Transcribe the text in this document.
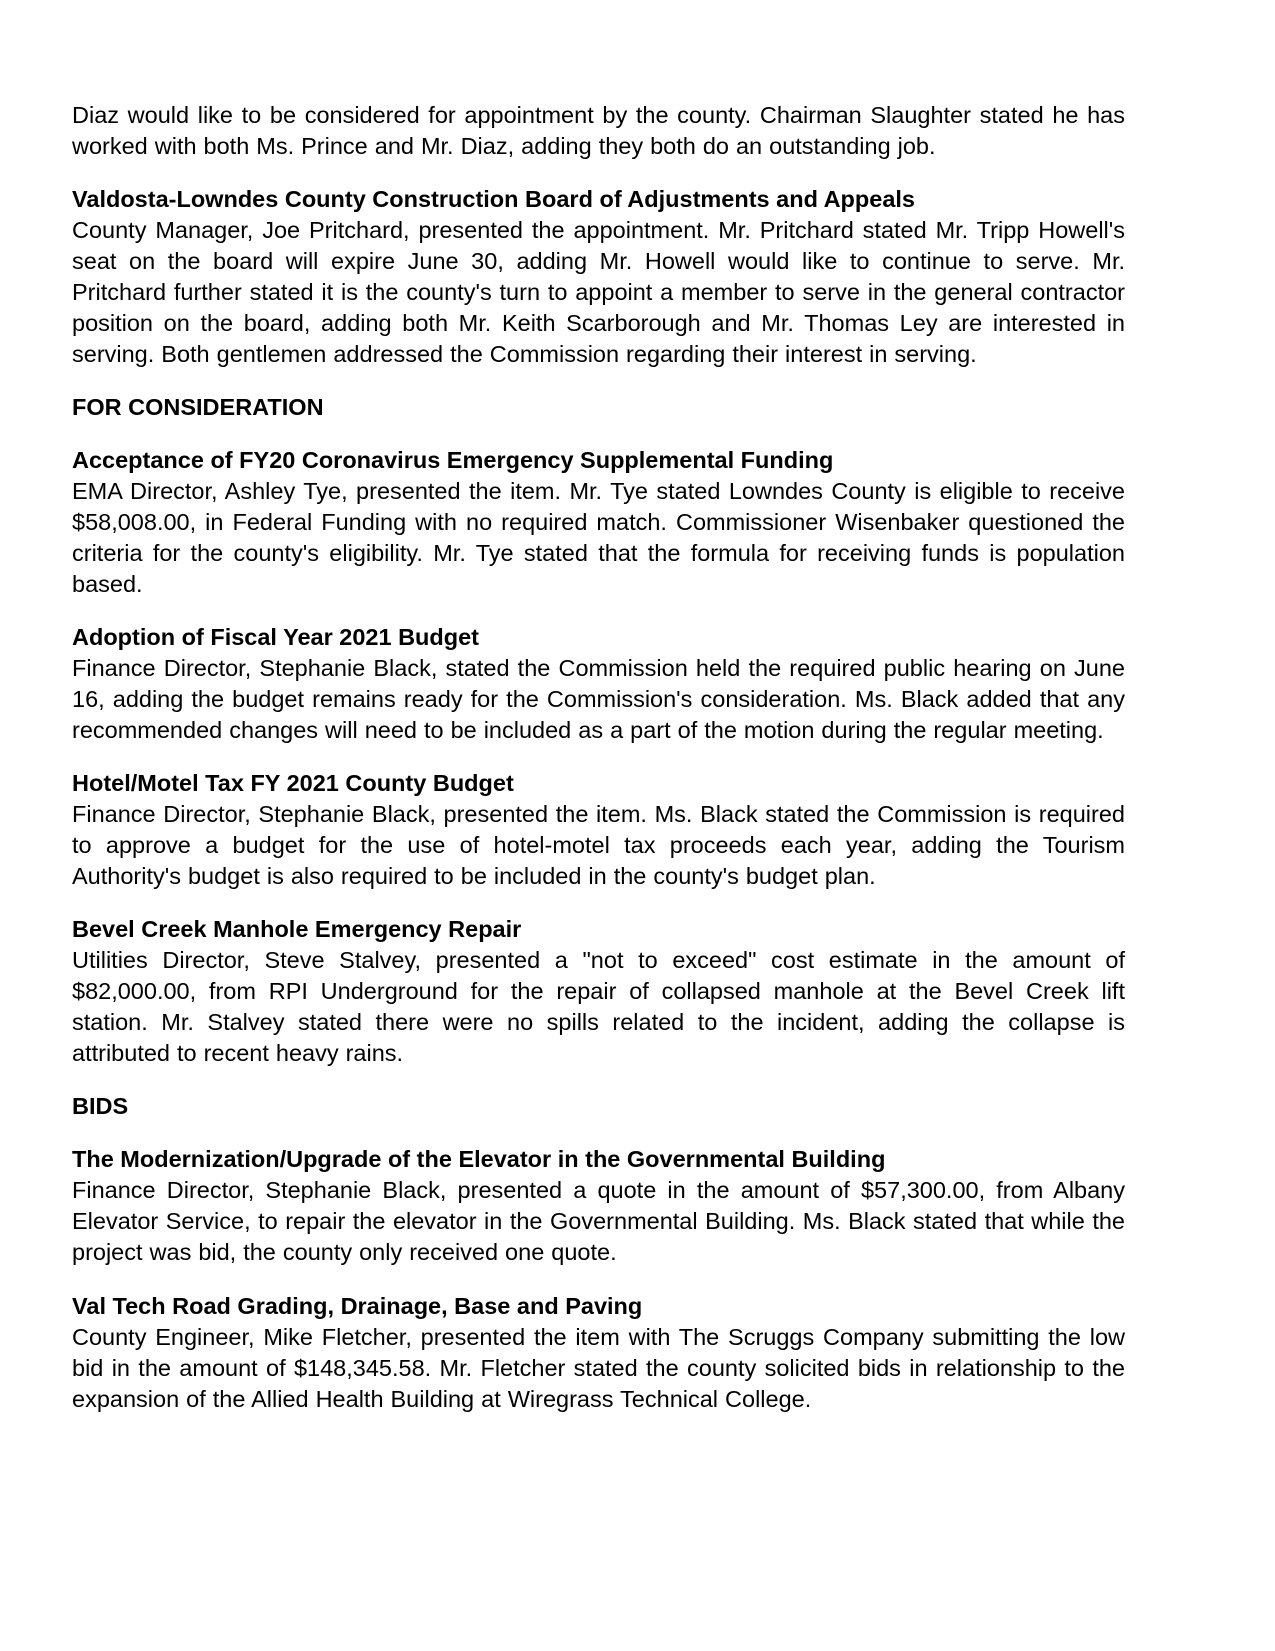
Diaz would like to be considered for appointment by the county. Chairman Slaughter stated he has worked with both Ms. Prince and Mr. Diaz, adding they both do an outstanding job.

Valdosta-Lowndes County Construction Board of Adjustments and Appeals

County Manager, Joe Pritchard, presented the appointment. Mr. Pritchard stated Mr. Tripp Howell's seat on the board will expire June 30, adding Mr. Howell would like to continue to serve. Mr. Pritchard further stated it is the county's turn to appoint a member to serve in the general contractor position on the board, adding both Mr. Keith Scarborough and Mr. Thomas Ley are interested in serving. Both gentlemen addressed the Commission regarding their interest in serving.

FOR CONSIDERATION
Acceptance of FY20 Coronavirus Emergency Supplemental Funding

EMA Director, Ashley Tye, presented the item. Mr. Tye stated Lowndes County is eligible to receive $58,008.00, in Federal Funding with no required match. Commissioner Wisenbaker questioned the criteria for the county's eligibility. Mr. Tye stated that the formula for receiving funds is population based.

Adoption of Fiscal Year 2021 Budget

Finance Director, Stephanie Black, stated the Commission held the required public hearing on June 16, adding the budget remains ready for the Commission's consideration. Ms. Black added that any recommended changes will need to be included as a part of the motion during the regular meeting.

Hotel/Motel Tax FY 2021 County Budget

Finance Director, Stephanie Black, presented the item. Ms. Black stated the Commission is required to approve a budget for the use of hotel-motel tax proceeds each year, adding the Tourism Authority's budget is also required to be included in the county's budget plan.

Bevel Creek Manhole Emergency Repair

Utilities Director, Steve Stalvey, presented a "not to exceed" cost estimate in the amount of $82,000.00, from RPI Underground for the repair of collapsed manhole at the Bevel Creek lift station. Mr. Stalvey stated there were no spills related to the incident, adding the collapse is attributed to recent heavy rains.

BIDS
The Modernization/Upgrade of the Elevator in the Governmental Building

Finance Director, Stephanie Black, presented a quote in the amount of $57,300.00, from Albany Elevator Service, to repair the elevator in the Governmental Building. Ms. Black stated that while the project was bid, the county only received one quote.

Val Tech Road Grading, Drainage, Base and Paving

County Engineer, Mike Fletcher, presented the item with The Scruggs Company submitting the low bid in the amount of $148,345.58. Mr. Fletcher stated the county solicited bids in relationship to the expansion of the Allied Health Building at Wiregrass Technical College.
